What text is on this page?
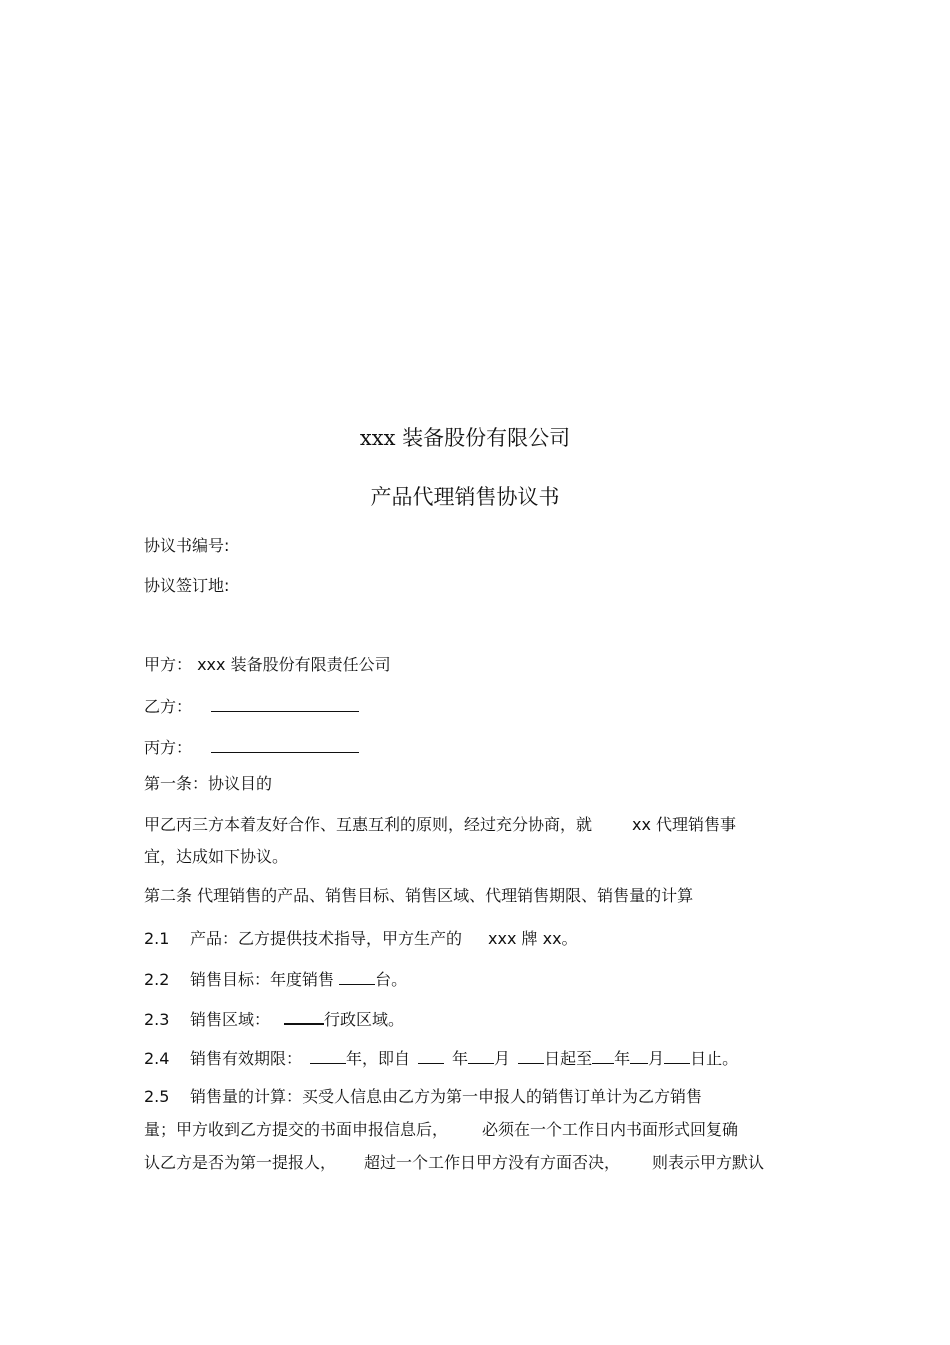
xxx 装备股份有限公司
产品代理销售协议书
协议书编号:
协议签订地:
甲方： xxx 装备股份有限责任公司
乙方：
丙方：
第一条：协议目的
甲乙丙三方本着友好合作、互惠互利的原则，经过充分协商，就	xx 代理销售事
宜，达成如下协议。
第二条 代理销售的产品、销售目标、销售区域、代理销售期限、销售量的计算
2.1 产品：乙方提供技术指导，甲方生产的 xxx 牌 xx。
2.2 销售目标：年度销售 台。
2.3 销售区域：	行政区域。
2.4 销售有效期限：	年，即自	年 月 日起至 年 月 日止。
2.5 销售量的计算：买受人信息由乙方为第一申报人的销售订单计为乙方销售
量；甲方收到乙方提交的书面申报信息后， 必须在一个工作日内书面形式回复确
认乙方是否为第一提报人， 超过一个工作日甲方没有方面否决， 则表示甲方默认
